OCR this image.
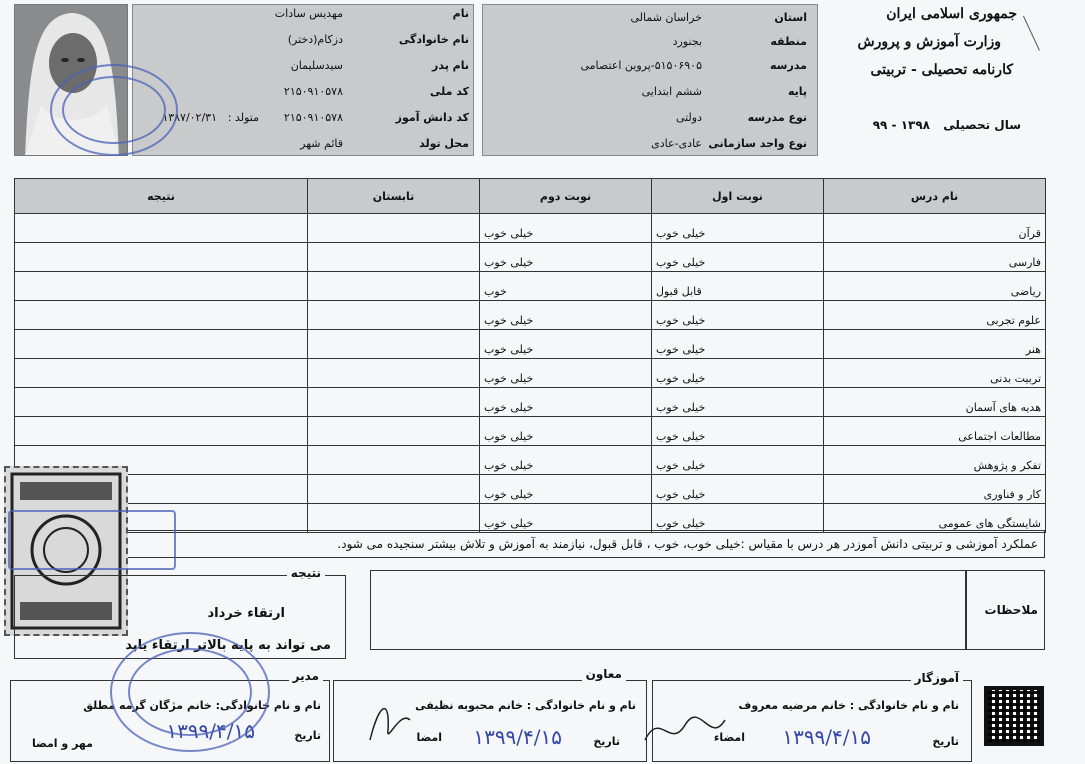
جمهوری اسلامی ایران
وزارت آموزش و پرورش
کارنامه تحصیلی - تربیتی
سال تحصیلی
۹۹ - ۱۳۹۸
استان
خراسان شمالی
منطقه
بجنورد
مدرسه
۵۱۵۰۶۹۰۵-پروین اعتصامی
پایه
ششم ابتدایی
نوع مدرسه
دولتی
نوع واحد سازمانی
عادی-عادی
نام
مهدیس سادات
نام خانوادگی
دزکام(دختر)
نام پدر
سیدسلیمان
کد ملی
۲۱۵۰۹۱۰۵۷۸
کد دانش آموز
۲۱۵۰۹۱۰۵۷۸
متولد :
۱۳۸۷/۰۲/۳۱
محل تولد
قائم شهر
نام درس	نوبت اول	نوبت دوم	تابستان	نتیجه
قرآن	خیلی خوب	خیلی خوب		
فارسی	خیلی خوب	خیلی خوب		
ریاضی	قابل قبول	خوب		
علوم تجربی	خیلی خوب	خیلی خوب		
هنر	خیلی خوب	خیلی خوب		
تربیت بدنی	خیلی خوب	خیلی خوب		
هدیه های آسمان	خیلی خوب	خیلی خوب		
مطالعات اجتماعی	خیلی خوب	خیلی خوب		
تفکر و پژوهش	خیلی خوب	خیلی خوب		
کار و فناوری	خیلی خوب	خیلی خوب		
شایستگی های عمومی	خیلی خوب	خیلی خوب		
عملکرد آموزشی و تربیتی دانش آموزدر هر درس با مقیاس :خیلی خوب، خوب ، قابل قبول، نیازمند به آموزش و تلاش بیشتر سنجیده می شود.
نتیجه
ارتقاء خرداد
می تواند به پایه بالاتر ارتقاء یابد
ملاحظات
آموزگار
نام و نام خانوادگی : خانم مرضیه معروف
تاریخ
۱۳۹۹/۴/۱۵
امضاء
معاون
نام و نام خانوادگی : خانم محبوبه نظیفی
تاریخ
۱۳۹۹/۴/۱۵
امضا
مدیر
نام و نام خانوادگی: خانم مژگان گرمه مطلق
تاریخ
۱۳۹۹/۴/۱۵
مهر و امضا
